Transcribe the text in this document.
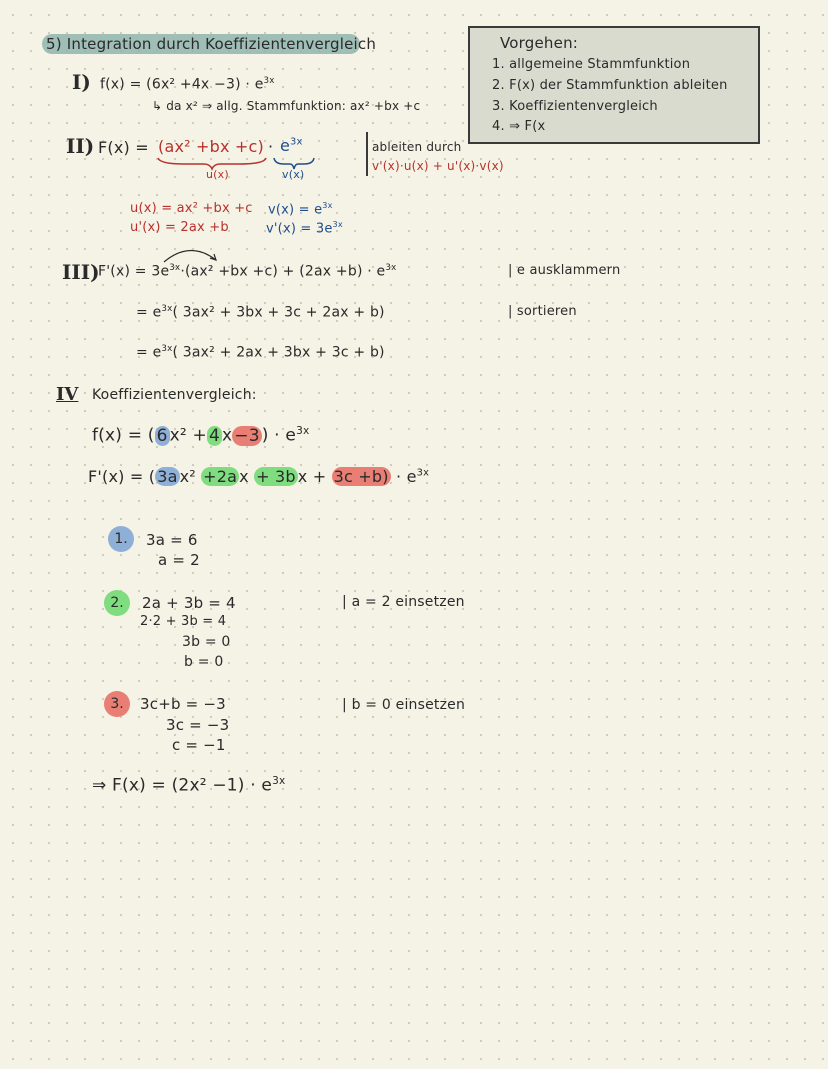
5) Integration durch Koeffizientenvergleich	Vorgehen:
1. allgemeine Stammfunktion
2. F(x) der Stammfunktion ableiten
3. Koeffizientenvergleich
4. ⇒ F(x
I) $f(x) = (6x^2 +4x -3) \cdot e^{3x}$
↳ da x² ⇒ allg. Stammfunktion: ax² +bx +c
II) $F(x) = (ax^2 +bx +c) \cdot e^{3x}$
u(x)	v(x)
ableiten durch
v'(x)·u(x) + u'(x)·v(x)
u(x) = ax² +bx +c
u'(x) = 2ax +b
$v(x) = e^{3x}$
$v'(x) = 3e^{3x}$
III)
$F'(x) = 3e^{3x}\cdot(ax^2 +bx +c) + (2ax +b) \cdot e^{3x}$	| e ausklammern
= $e^{3x}$( 3ax² + 3bx + 3c + 2ax + b)	| sortieren
= $e^{3x}$( 3ax² + 2ax + 3bx + 3c + b)
IV Koeffizientenvergleich:
f(x) = ( 6 x² + 4 x −3 ) · $e^{3x}$
F'(x) = ( 3a x² +2a x + 3b $x + 3c +b) \cdot e^{3x}$
1.	3a = 6
a = 2
2.	2a + 3b = 4
2·2 + 3b = 4
3b = 0
b = 0
| a = 2 einsetzen
3.	3c+b = −3
3c = −3
c = −1
| b = 0 einsetzen
⇒ $F(x) = (2x^2 -1) \cdot e^{3x}$
